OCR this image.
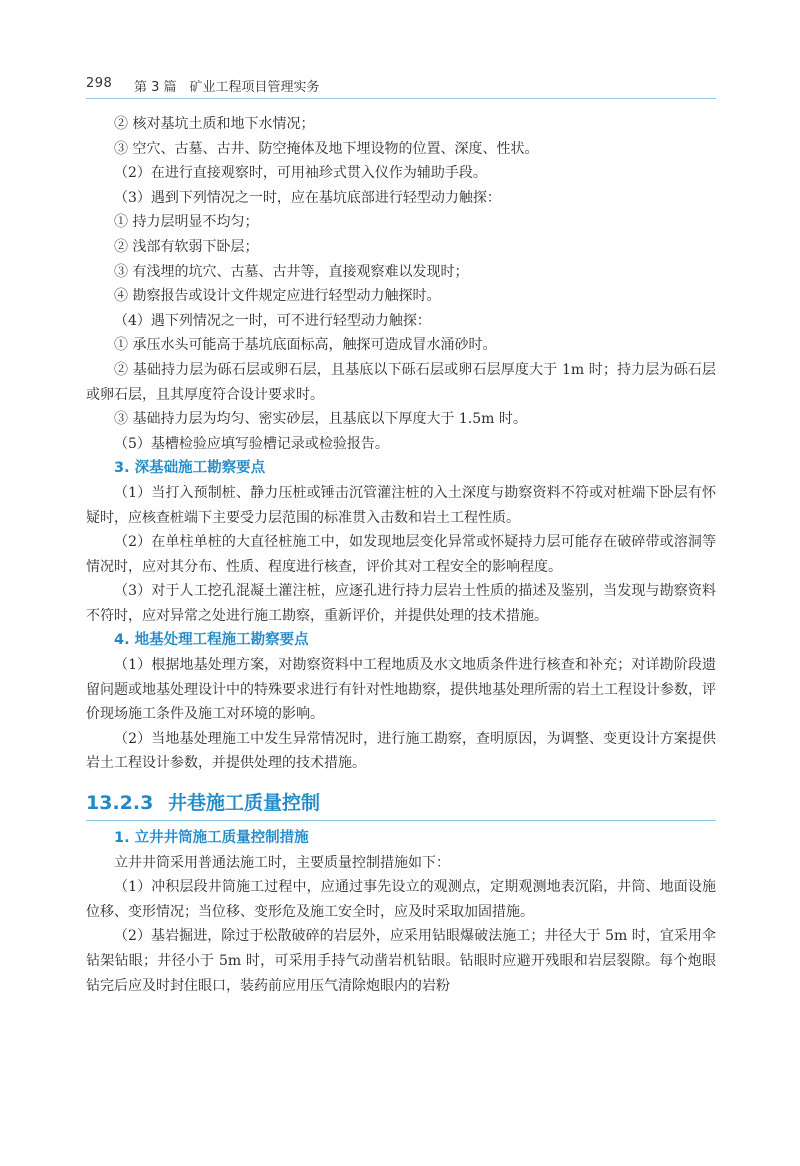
298 第 3 篇　矿业工程项目管理实务

② 核对基坑土质和地下水情况；

③ 空穴、古墓、古井、防空掩体及地下埋设物的位置、深度、性状。

（2）在进行直接观察时，可用袖珍式贯入仪作为辅助手段。

（3）遇到下列情况之一时，应在基坑底部进行轻型动力触探：

① 持力层明显不均匀；

② 浅部有软弱下卧层；

③ 有浅埋的坑穴、古墓、古井等，直接观察难以发现时；

④ 勘察报告或设计文件规定应进行轻型动力触探时。

（4）遇下列情况之一时，可不进行轻型动力触探：

① 承压水头可能高于基坑底面标高，触探可造成冒水涌砂时。

② 基础持力层为砾石层或卵石层，且基底以下砾石层或卵石层厚度大于 1m 时；持力层为砾石层或卵石层，且其厚度符合设计要求时。

③ 基础持力层为均匀、密实砂层，且基底以下厚度大于 1.5m 时。

（5）基槽检验应填写验槽记录或检验报告。

3. 深基础施工勘察要点

（1）当打入预制桩、静力压桩或锤击沉管灌注桩的入土深度与勘察资料不符或对桩端下卧层有怀疑时，应核查桩端下主要受力层范围的标准贯入击数和岩土工程性质。

（2）在单柱单桩的大直径桩施工中，如发现地层变化异常或怀疑持力层可能存在破碎带或溶洞等情况时，应对其分布、性质、程度进行核查，评价其对工程安全的影响程度。

（3）对于人工挖孔混凝土灌注桩，应逐孔进行持力层岩土性质的描述及鉴别，当发现与勘察资料不符时，应对异常之处进行施工勘察，重新评价，并提供处理的技术措施。

4. 地基处理工程施工勘察要点

（1）根据地基处理方案，对勘察资料中工程地质及水文地质条件进行核查和补充；对详勘阶段遗留问题或地基处理设计中的特殊要求进行有针对性地勘察，提供地基处理所需的岩土工程设计参数，评价现场施工条件及施工对环境的影响。

（2）当地基处理施工中发生异常情况时，进行施工勘察，查明原因，为调整、变更设计方案提供岩土工程设计参数，并提供处理的技术措施。

13.2.3 井巷施工质量控制

1. 立井井筒施工质量控制措施

立井井筒采用普通法施工时，主要质量控制措施如下：

（1）冲积层段井筒施工过程中，应通过事先设立的观测点，定期观测地表沉陷，井筒、地面设施位移、变形情况；当位移、变形危及施工安全时，应及时采取加固措施。

（2）基岩掘进，除过于松散破碎的岩层外，应采用钻眼爆破法施工；井径大于 5m 时，宜采用伞钻架钻眼；井径小于 5m 时，可采用手持气动凿岩机钻眼。钻眼时应避开残眼和岩层裂隙。每个炮眼钻完后应及时封住眼口，装药前应用压气清除炮眼内的岩粉
